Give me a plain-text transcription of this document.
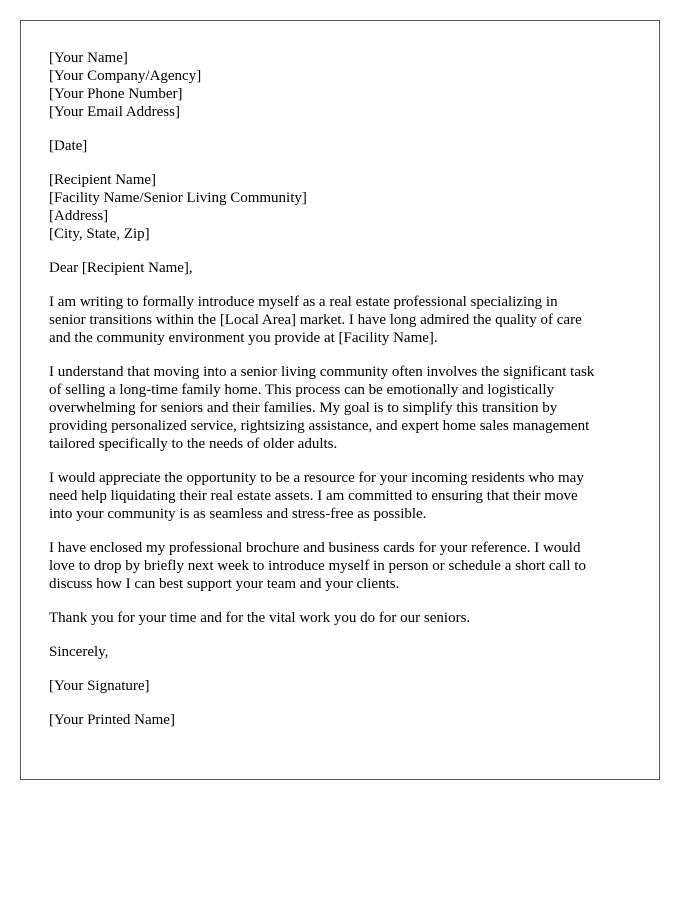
[Your Name]
[Your Company/Agency]
[Your Phone Number]
[Your Email Address]
[Date]
[Recipient Name]
[Facility Name/Senior Living Community]
[Address]
[City, State, Zip]
Dear [Recipient Name],

I am writing to formally introduce myself as a real estate professional specializing in
senior transitions within the [Local Area] market. I have long admired the quality of care
and the community environment you provide at [Facility Name].

I understand that moving into a senior living community often involves the significant task
of selling a long-time family home. This process can be emotionally and logistically
overwhelming for seniors and their families. My goal is to simplify this transition by
providing personalized service, rightsizing assistance, and expert home sales management
tailored specifically to the needs of older adults.

I would appreciate the opportunity to be a resource for your incoming residents who may
need help liquidating their real estate assets. I am committed to ensuring that their move
into your community is as seamless and stress-free as possible.

I have enclosed my professional brochure and business cards for your reference. I would
love to drop by briefly next week to introduce myself in person or schedule a short call to
discuss how I can best support your team and your clients.

Thank you for your time and for the vital work you do for our seniors.

Sincerely,
[Your Signature]
[Your Printed Name]
